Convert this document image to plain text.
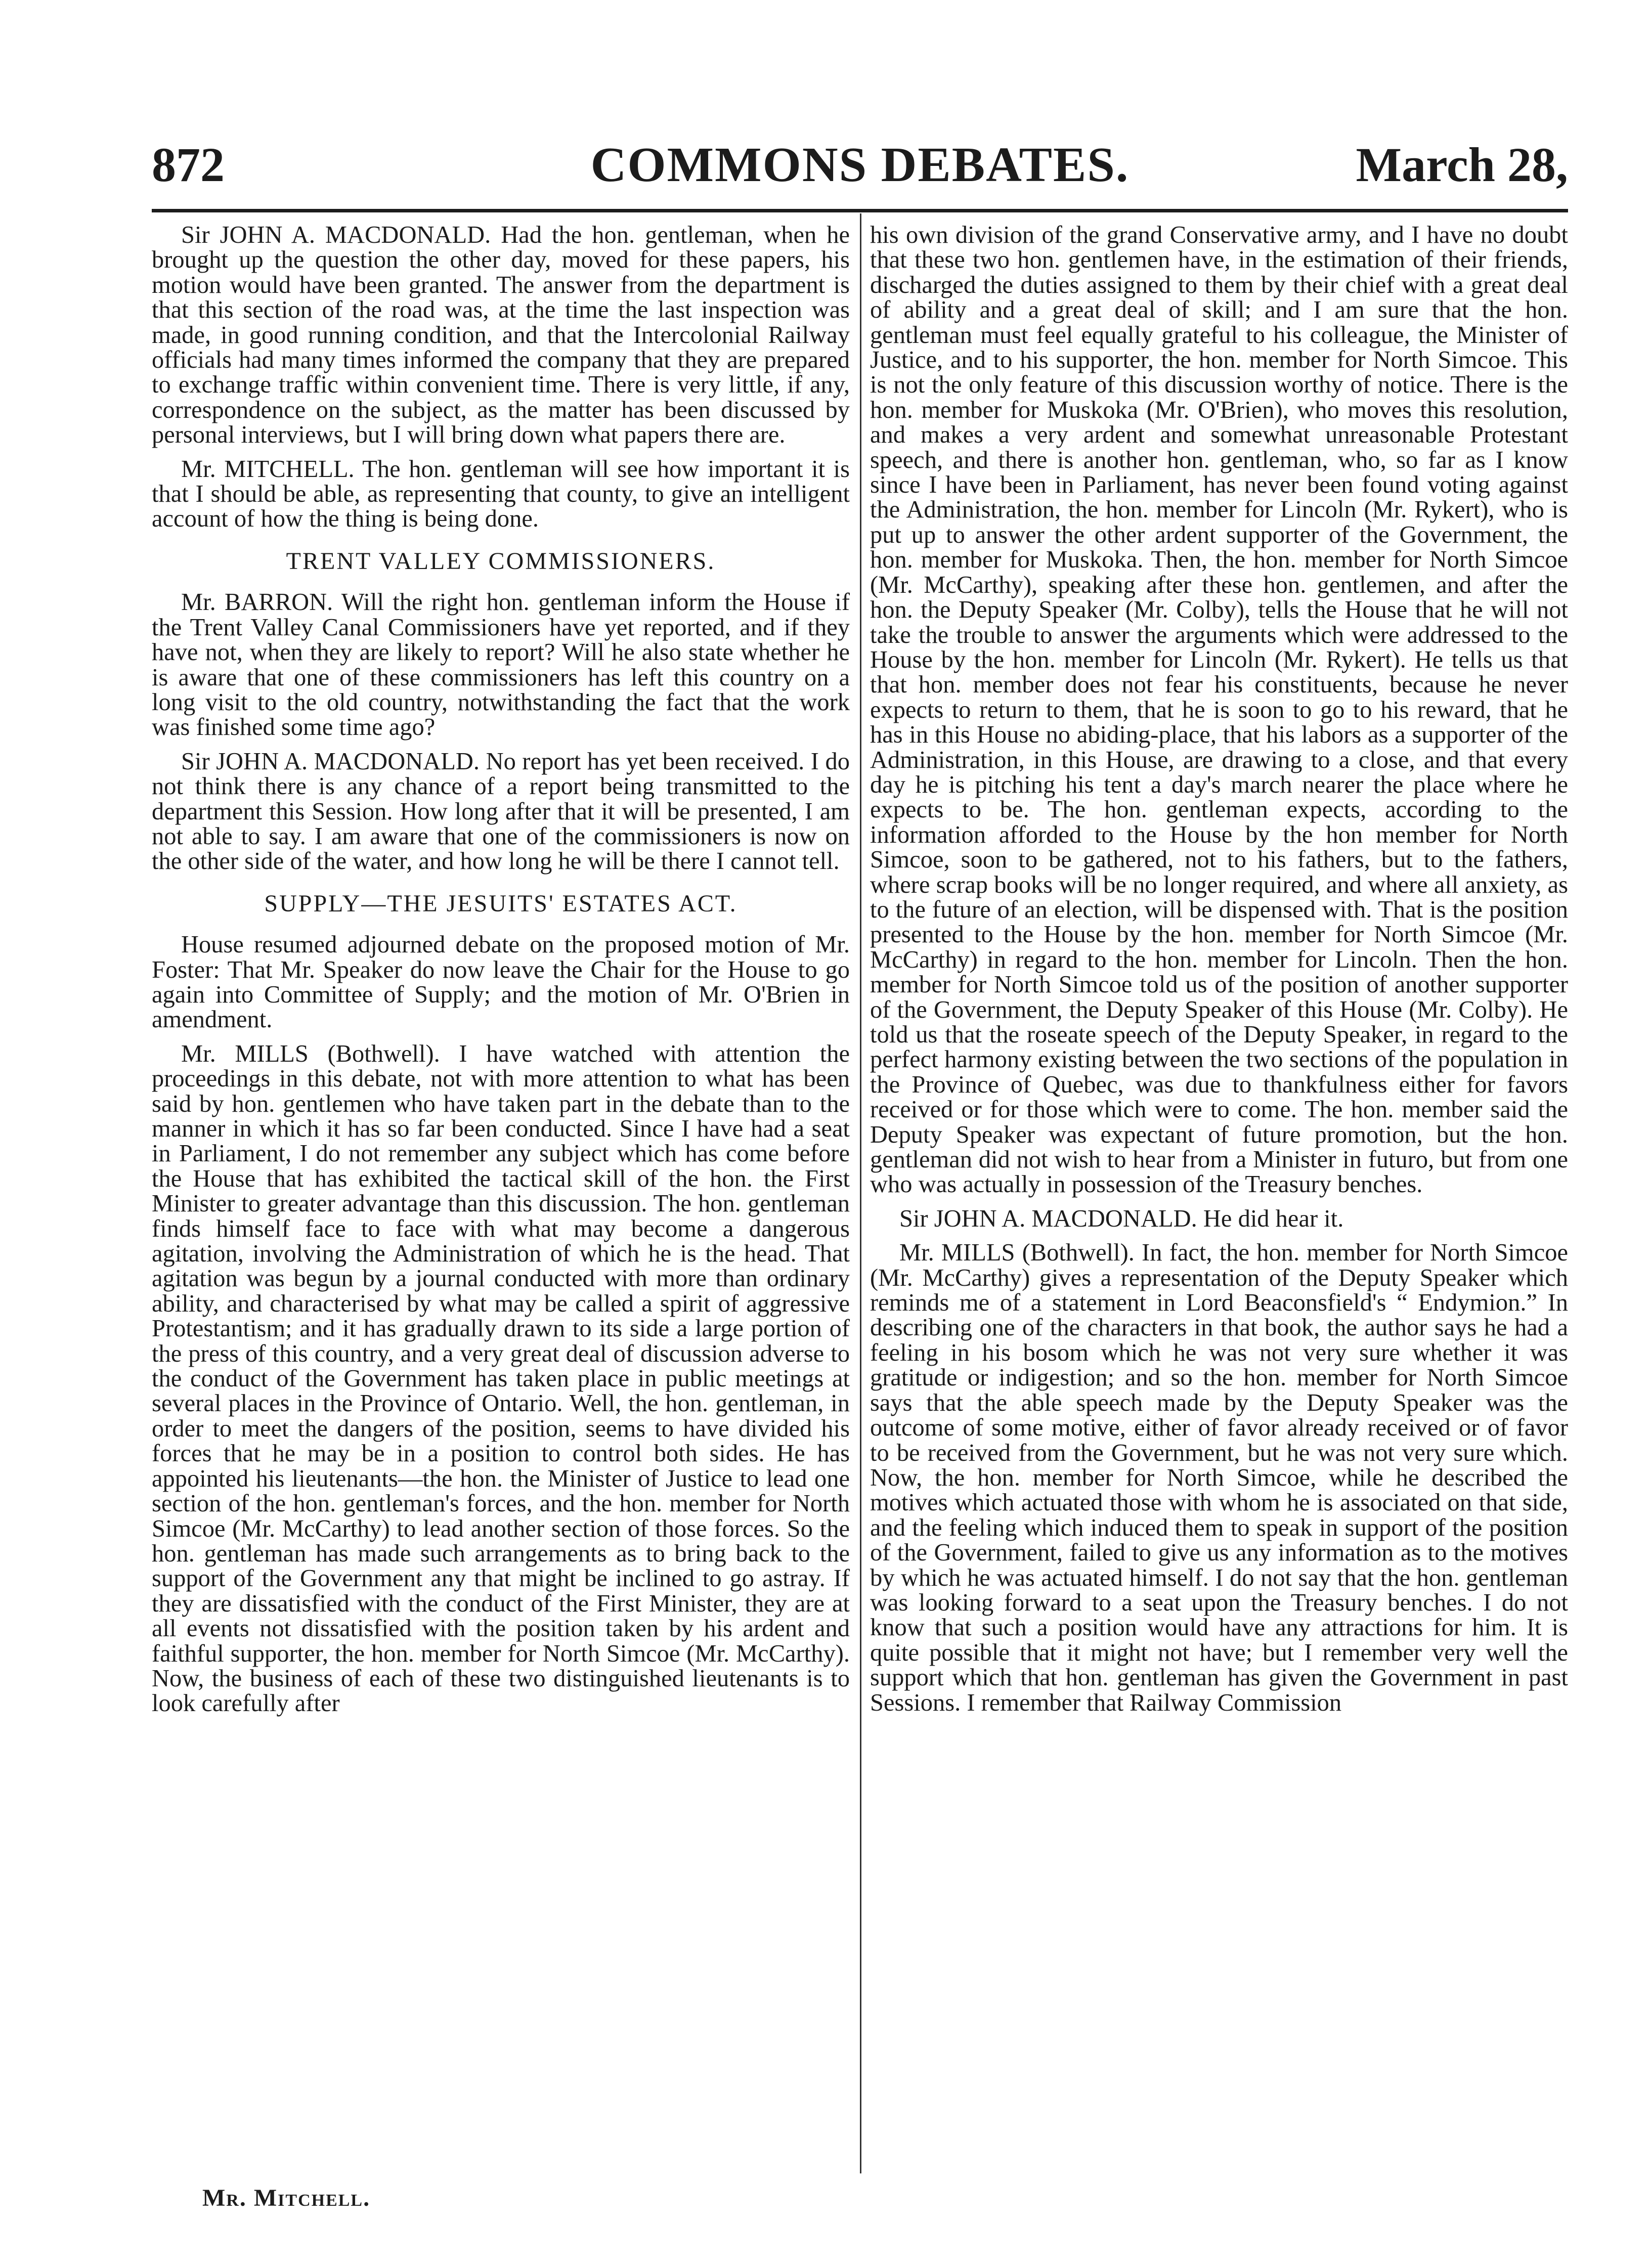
872	COMMONS DEBATES.	March 28,

Sir JOHN A. MACDONALD. Had the hon. gentleman, when he brought up the question the other day, moved for these papers, his motion would have been granted. The answer from the department is that this section of the road was, at the time the last inspection was made, in good running condition, and that the Intercolonial Railway officials had many times informed the company that they are prepared to exchange traffic within convenient time. There is very little, if any, correspondence on the subject, as the matter has been discussed by personal interviews, but I will bring down what papers there are.

Mr. MITCHELL. The hon. gentleman will see how important it is that I should be able, as representing that county, to give an intelligent account of how the thing is being done.

TRENT VALLEY COMMISSIONERS.

Mr. BARRON. Will the right hon. gentleman inform the House if the Trent Valley Canal Commissioners have yet reported, and if they have not, when they are likely to report? Will he also state whether he is aware that one of these commissioners has left this country on a long visit to the old country, notwithstanding the fact that the work was finished some time ago?

Sir JOHN A. MACDONALD. No report has yet been received. I do not think there is any chance of a report being transmitted to the department this Session. How long after that it will be presented, I am not able to say. I am aware that one of the commissioners is now on the other side of the water, and how long he will be there I cannot tell.

SUPPLY—THE JESUITS' ESTATES ACT.

House resumed adjourned debate on the proposed motion of Mr. Foster: That Mr. Speaker do now leave the Chair for the House to go again into Committee of Supply; and the motion of Mr. O'Brien in amendment.

Mr. MILLS (Bothwell). I have watched with attention the proceedings in this debate, not with more attention to what has been said by hon. gentlemen who have taken part in the debate than to the manner in which it has so far been conducted. Since I have had a seat in Parliament, I do not remember any subject which has come before the House that has exhibited the tactical skill of the hon. the First Minister to greater advantage than this discussion. The hon. gentleman finds himself face to face with what may become a dangerous agitation, involving the Administration of which he is the head. That agitation was begun by a journal conducted with more than ordinary ability, and characterised by what may be called a spirit of aggressive Protestantism; and it has gradually drawn to its side a large portion of the press of this country, and a very great deal of discussion adverse to the conduct of the Government has taken place in public meetings at several places in the Province of Ontario. Well, the hon. gentleman, in order to meet the dangers of the position, seems to have divided his forces that he may be in a position to control both sides. He has appointed his lieutenants—the hon. the Minister of Justice to lead one section of the hon. gentleman's forces, and the hon. member for North Simcoe (Mr. McCarthy) to lead another section of those forces. So the hon. gentleman has made such arrangements as to bring back to the support of the Government any that might be inclined to go astray. If they are dissatisfied with the conduct of the First Minister, they are at all events not dissatisfied with the position taken by his ardent and faithful supporter, the hon. member for North Simcoe (Mr. McCarthy). Now, the business of each of these two distinguished lieutenants is to look carefully after

his own division of the grand Conservative army, and I have no doubt that these two hon. gentlemen have, in the estimation of their friends, discharged the duties assigned to them by their chief with a great deal of ability and a great deal of skill; and I am sure that the hon. gentleman must feel equally grateful to his colleague, the Minister of Justice, and to his supporter, the hon. member for North Simcoe. This is not the only feature of this discussion worthy of notice. There is the hon. member for Muskoka (Mr. O'Brien), who moves this resolution, and makes a very ardent and somewhat unreasonable Protestant speech, and there is another hon. gentleman, who, so far as I know since I have been in Parliament, has never been found voting against the Administration, the hon. member for Lincoln (Mr. Rykert), who is put up to answer the other ardent supporter of the Government, the hon. member for Muskoka. Then, the hon. member for North Simcoe (Mr. McCarthy), speaking after these hon. gentlemen, and after the hon. the Deputy Speaker (Mr. Colby), tells the House that he will not take the trouble to answer the arguments which were addressed to the House by the hon. member for Lincoln (Mr. Rykert). He tells us that that hon. member does not fear his constituents, because he never expects to return to them, that he is soon to go to his reward, that he has in this House no abiding-place, that his labors as a supporter of the Administration, in this House, are drawing to a close, and that every day he is pitching his tent a day's march nearer the place where he expects to be. The hon. gentleman expects, according to the information afforded to the House by the hon member for North Simcoe, soon to be gathered, not to his fathers, but to the fathers, where scrap books will be no longer required, and where all anxiety, as to the future of an election, will be dispensed with. That is the position presented to the House by the hon. member for North Simcoe (Mr. McCarthy) in regard to the hon. member for Lincoln. Then the hon. member for North Simcoe told us of the position of another supporter of the Government, the Deputy Speaker of this House (Mr. Colby). He told us that the roseate speech of the Deputy Speaker, in regard to the perfect harmony existing between the two sections of the population in the Province of Quebec, was due to thankfulness either for favors received or for those which were to come. The hon. member said the Deputy Speaker was expectant of future promotion, but the hon. gentleman did not wish to hear from a Minister in futuro, but from one who was actually in possession of the Treasury benches.

Sir JOHN A. MACDONALD. He did hear it.

Mr. MILLS (Bothwell). In fact, the hon. member for North Simcoe (Mr. McCarthy) gives a representation of the Deputy Speaker which reminds me of a statement in Lord Beaconsfield's “ Endymion.” In describing one of the characters in that book, the author says he had a feeling in his bosom which he was not very sure whether it was gratitude or indigestion; and so the hon. member for North Simcoe says that the able speech made by the Deputy Speaker was the outcome of some motive, either of favor already received or of favor to be received from the Government, but he was not very sure which. Now, the hon. member for North Simcoe, while he described the motives which actuated those with whom he is associated on that side, and the feeling which induced them to speak in support of the position of the Government, failed to give us any information as to the motives by which he was actuated himself. I do not say that the hon. gentleman was looking forward to a seat upon the Treasury benches. I do not know that such a position would have any attractions for him. It is quite possible that it might not have; but I remember very well the support which that hon. gentleman has given the Government in past Sessions. I remember that Railway Commission

Mr. Mitchell.
